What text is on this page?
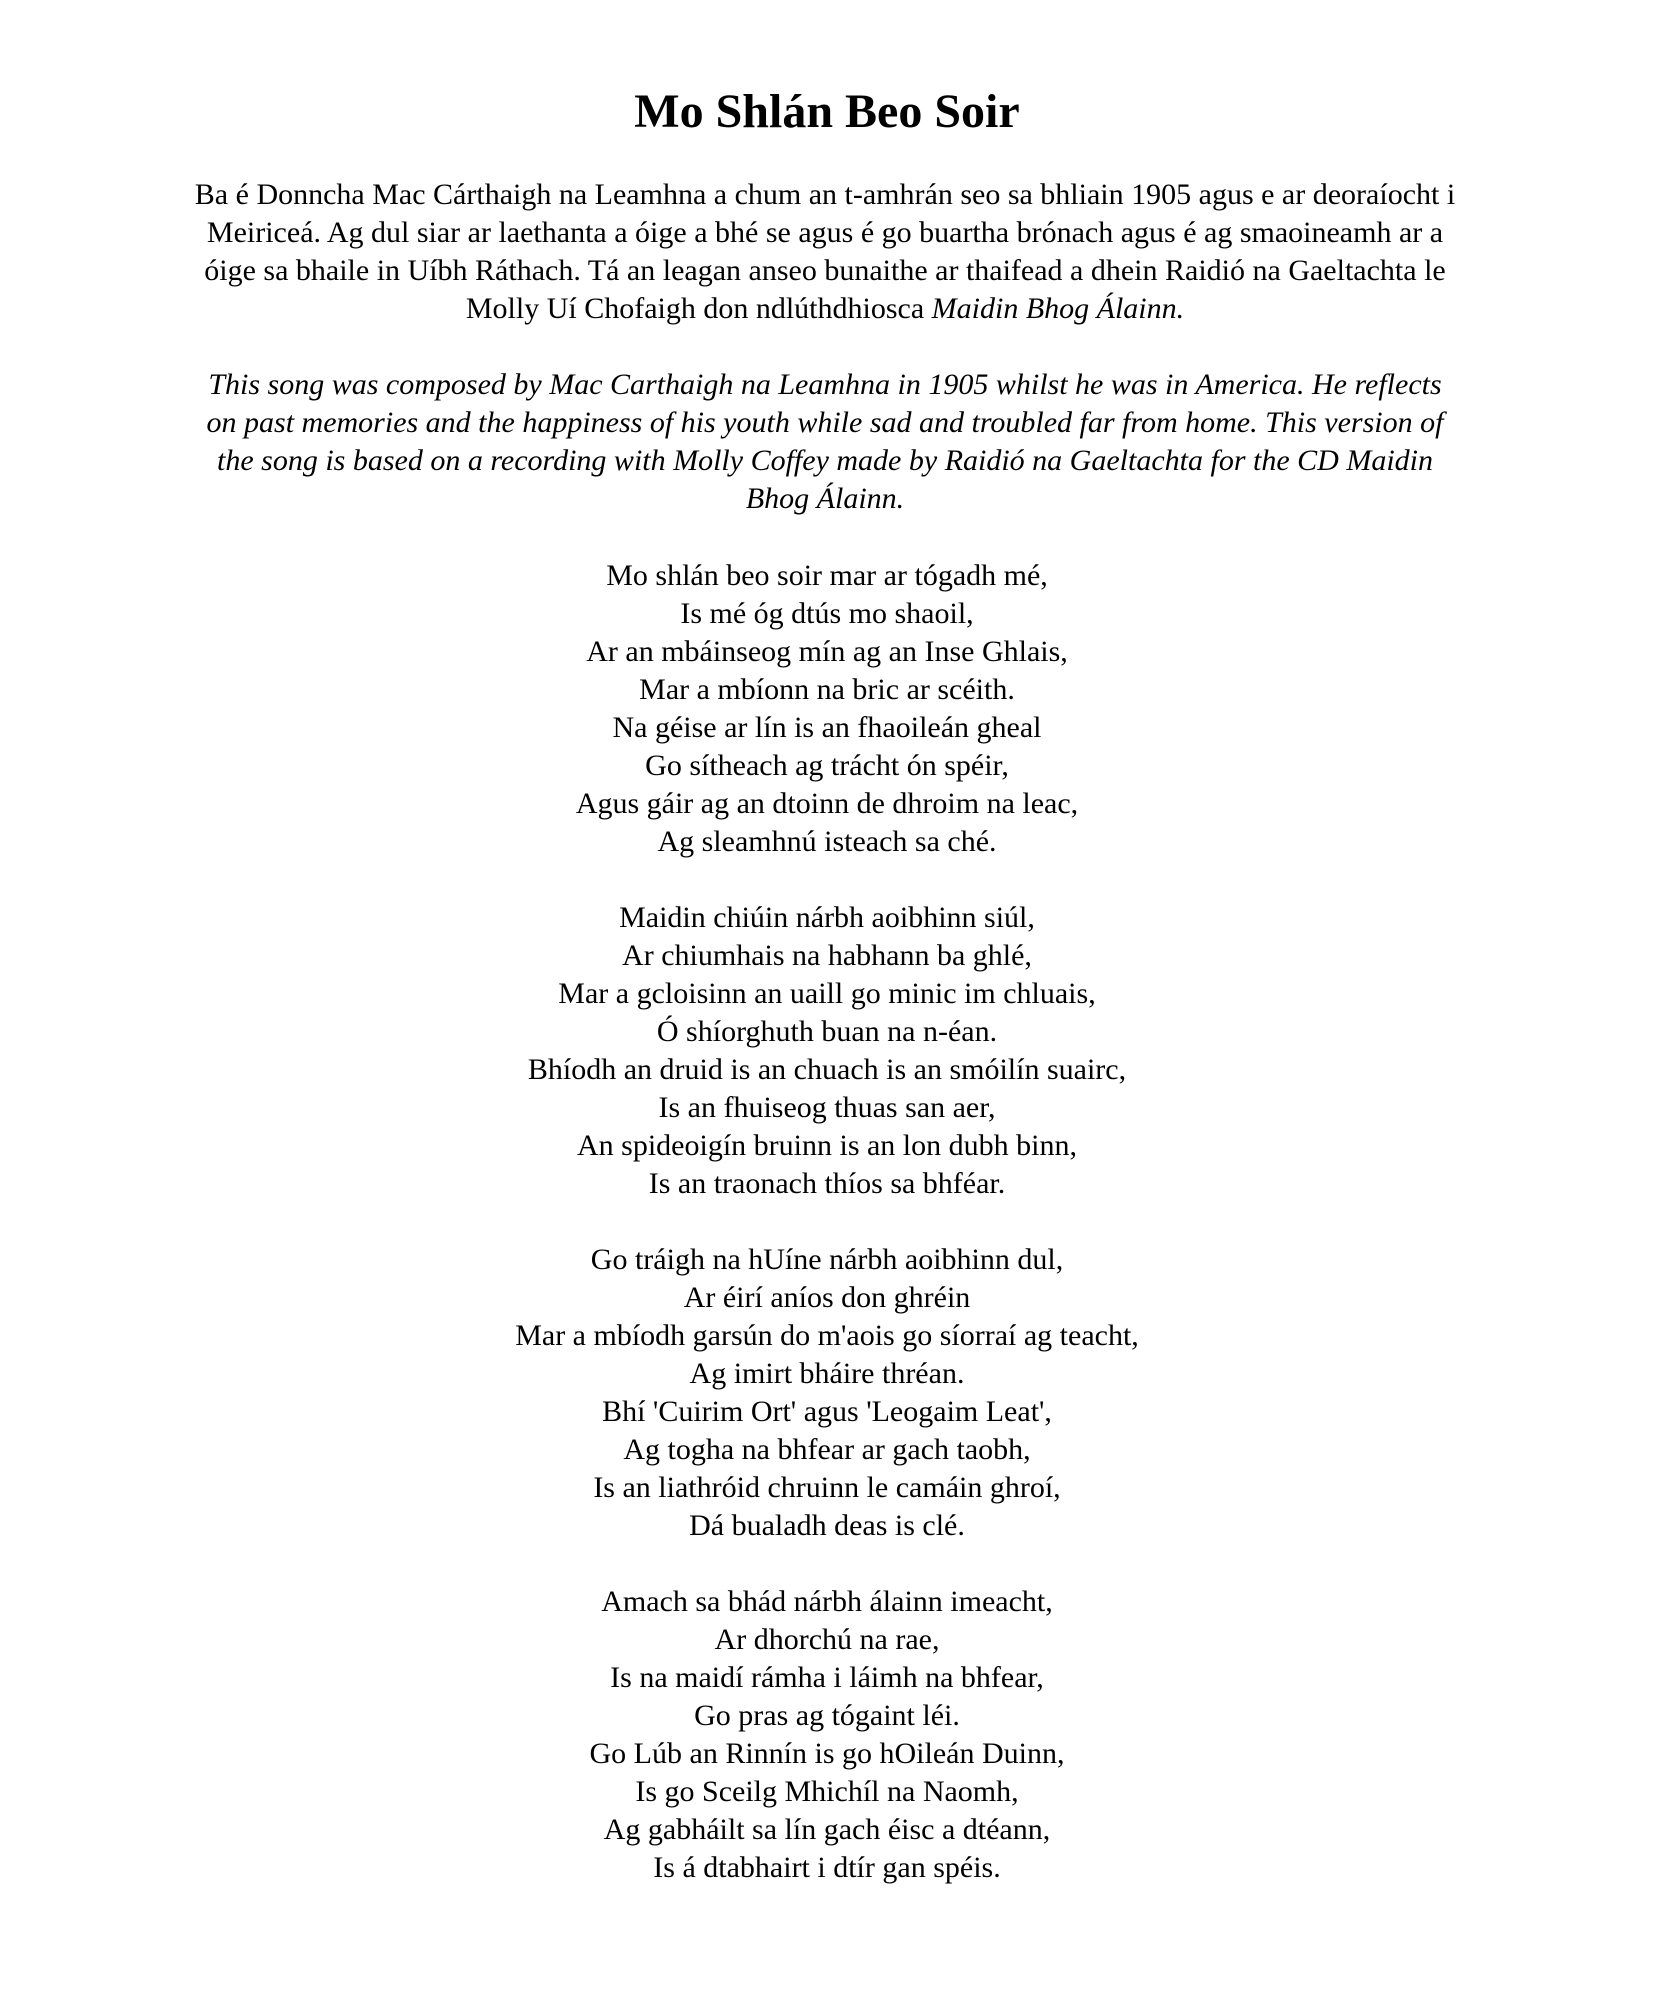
Mo Shlán Beo Soir

Ba é Donncha Mac Cárthaigh na Leamhna a chum an t-amhrán seo sa bhliain 1905 agus e ar deoraíocht i Meiriceá. Ag dul siar ar laethanta a óige a bhé se agus é go buartha brónach agus é ag smaoineamh ar a óige sa bhaile in Uíbh Ráthach. Tá an leagan anseo bunaithe ar thaifead a dhein Raidió na Gaeltachta le Molly Uí Chofaigh don ndlúthdhiosca Maidin Bhog Álainn.

This song was composed by Mac Carthaigh na Leamhna in 1905 whilst he was in America. He reflects on past memories and the happiness of his youth while sad and troubled far from home. This version of the song is based on a recording with Molly Coffey made by Raidió na Gaeltachta for the CD Maidin Bhog Álainn.

Mo shlán beo soir mar ar tógadh mé,
Is mé óg dtús mo shaoil,
Ar an mbáinseog mín ag an Inse Ghlais,
Mar a mbíonn na bric ar scéith.
Na géise ar lín is an fhaoileán gheal
Go sítheach ag trácht ón spéir,
Agus gáir ag an dtoinn de dhroim na leac,
Ag sleamhnú isteach sa ché.
Maidin chiúin nárbh aoibhinn siúl,
Ar chiumhais na habhann ba ghlé,
Mar a gcloisinn an uaill go minic im chluais,
Ó shíorghuth buan na n-éan.
Bhíodh an druid is an chuach is an smóilín suairc,
Is an fhuiseog thuas san aer,
An spideoigín bruinn is an lon dubh binn,
Is an traonach thíos sa bhféar.
Go tráigh na hUíne nárbh aoibhinn dul,
Ar éirí aníos don ghréin
Mar a mbíodh garsún do m'aois go síorraí ag teacht,
Ag imirt bháire thréan.
Bhí 'Cuirim Ort' agus 'Leogaim Leat',
Ag togha na bhfear ar gach taobh,
Is an liathróid chruinn le camáin ghroí,
Dá bualadh deas is clé.
Amach sa bhád nárbh álainn imeacht,
Ar dhorchú na rae,
Is na maidí rámha i láimh na bhfear,
Go pras ag tógaint léi.
Go Lúb an Rinnín is go hOileán Duinn,
Is go Sceilg Mhichíl na Naomh,
Ag gabháilt sa lín gach éisc a dtéann,
Is á dtabhairt i dtír gan spéis.
